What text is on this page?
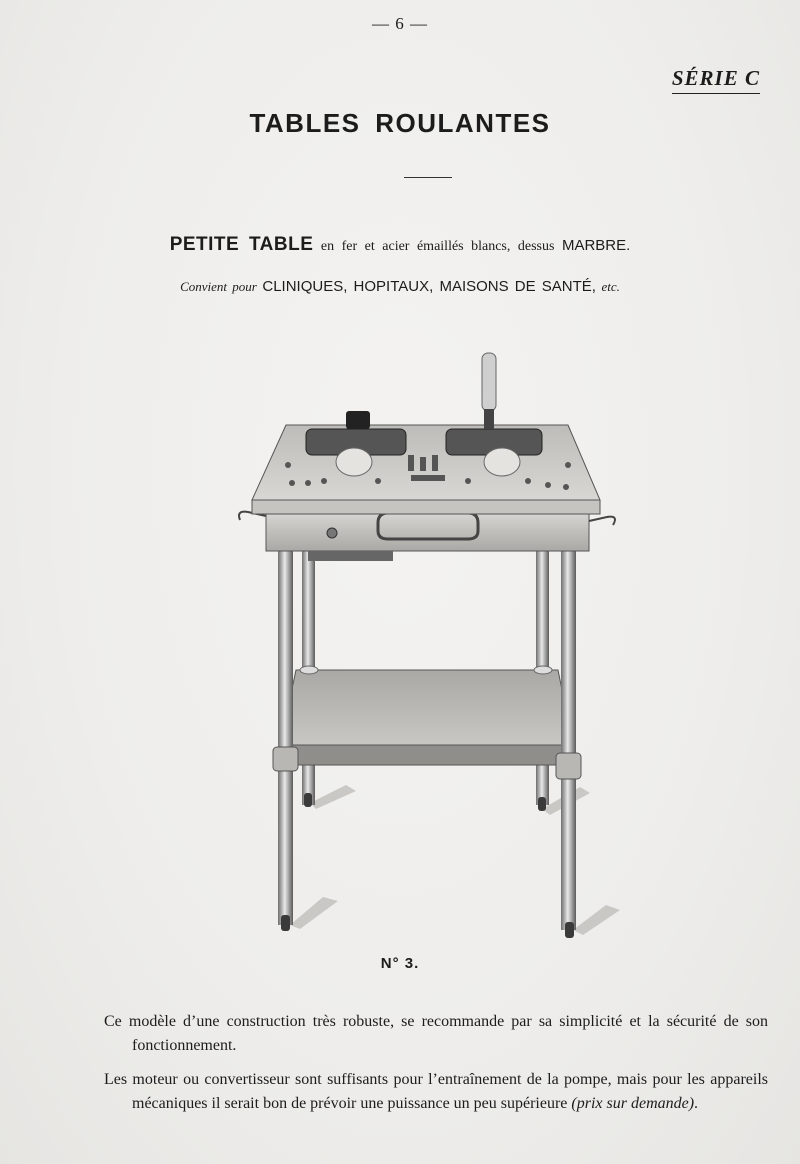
— 6 —
SÉRIE C
TABLES ROULANTES
PETITE TABLE en fer et acier émaillés blancs, dessus MARBRE.
Convient pour CLINIQUES, HOPITAUX, MAISONS DE SANTÉ, etc.
N° 3.
Ce modèle d’une construction très robuste, se recommande par sa simplicité et la sécurité de son fonctionnement.
Les moteur ou convertisseur sont suffisants pour l’entraînement de la pompe, mais pour les appareils mécaniques il serait bon de prévoir une puissance un peu supérieure (prix sur demande).
